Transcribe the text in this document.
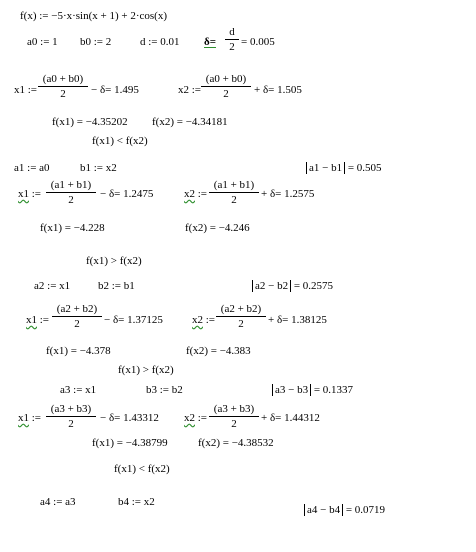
f(x) := −5·x·sin(x + 1) + 2·cos(x)
a0 := 1 b0 := 2	d := 0.01 δ=
d
2 = 0.005
x1 :=
(a0 + b0)
2	− δ= 1.495	x2 :=
(a0 + b0)
2	+ δ= 1.505
f(x1) = −4.35202 f(x2) = −4.34181
f(x1) < f(x2)
a1 := a0	b1 := x2	a1 − b1 = 0.505
x1 :=
(a1 + b1)
2	− δ= 1.2475	x2 :=
(a1 + b1)
2	+ δ= 1.2575
f(x1) = −4.228	f(x2) = −4.246
f(x1) > f(x2)
a2 := x1	b2 := b1	a2 − b2 = 0.2575
x1 :=
(a2 + b2)
2	− δ= 1.37125	x2 :=
(a2 + b2)
2	+ δ= 1.38125
f(x1) = −4.378	f(x2) = −4.383
f(x1) > f(x2)
a3 := x1	b3 := b2	a3 − b3 = 0.1337
x1 :=
(a3 + b3)
2	− δ= 1.43312 x2 :=
(a3 + b3)
2	+ δ= 1.44312
f(x1) = −4.38799	f(x2) = −4.38532
f(x1) < f(x2)
a4 := a3	b4 := x2
a4 − b4 = 0.0719
